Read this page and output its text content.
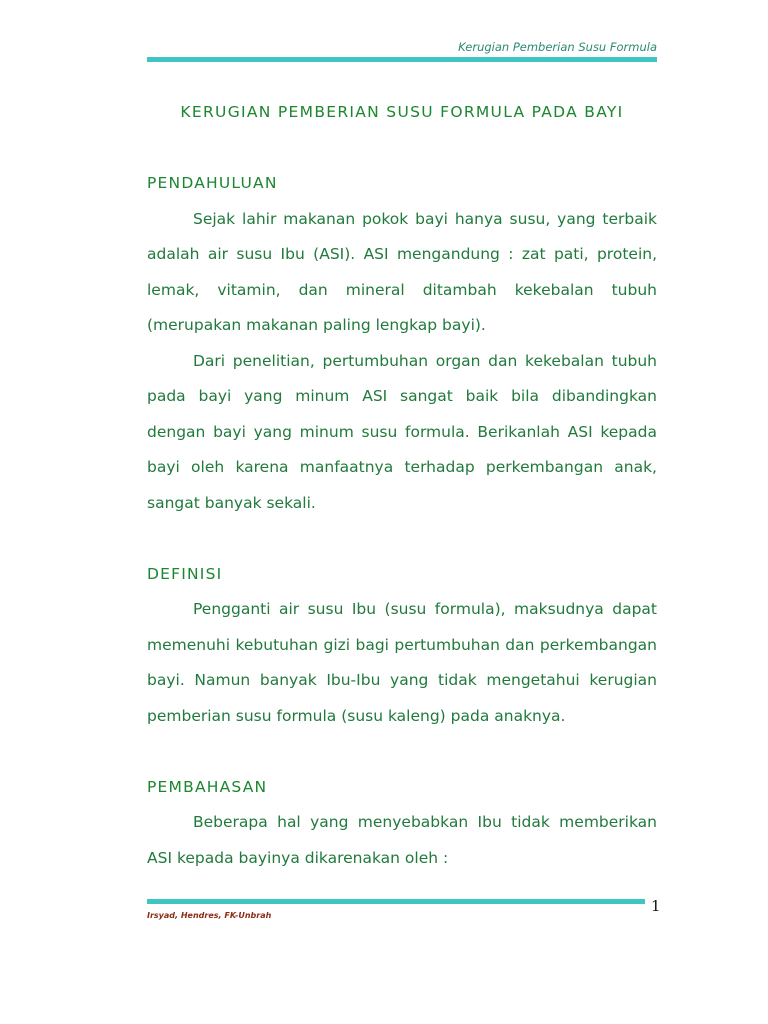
Kerugian Pemberian Susu Formula
KERUGIAN PEMBERIAN SUSU FORMULA PADA BAYI
PENDAHULUAN
Sejak lahir makanan pokok bayi hanya susu, yang terbaik
adalah air susu Ibu (ASI). ASI mengandung : zat pati, protein,
lemak, vitamin, dan mineral ditambah kekebalan tubuh
(merupakan makanan paling lengkap bayi).
Dari penelitian, pertumbuhan organ dan kekebalan tubuh
pada bayi yang minum ASI sangat baik bila dibandingkan
dengan bayi yang minum susu formula. Berikanlah ASI kepada
bayi oleh karena manfaatnya terhadap perkembangan anak,
sangat banyak sekali.
DEFINISI
Pengganti air susu Ibu (susu formula), maksudnya dapat
memenuhi kebutuhan gizi bagi pertumbuhan dan perkembangan
bayi. Namun banyak Ibu-Ibu yang tidak mengetahui kerugian
pemberian susu formula (susu kaleng) pada anaknya.
PEMBAHASAN
Beberapa hal yang menyebabkan Ibu tidak memberikan
ASI kepada bayinya dikarenakan oleh :
1
Irsyad, Hendres, FK-Unbrah
